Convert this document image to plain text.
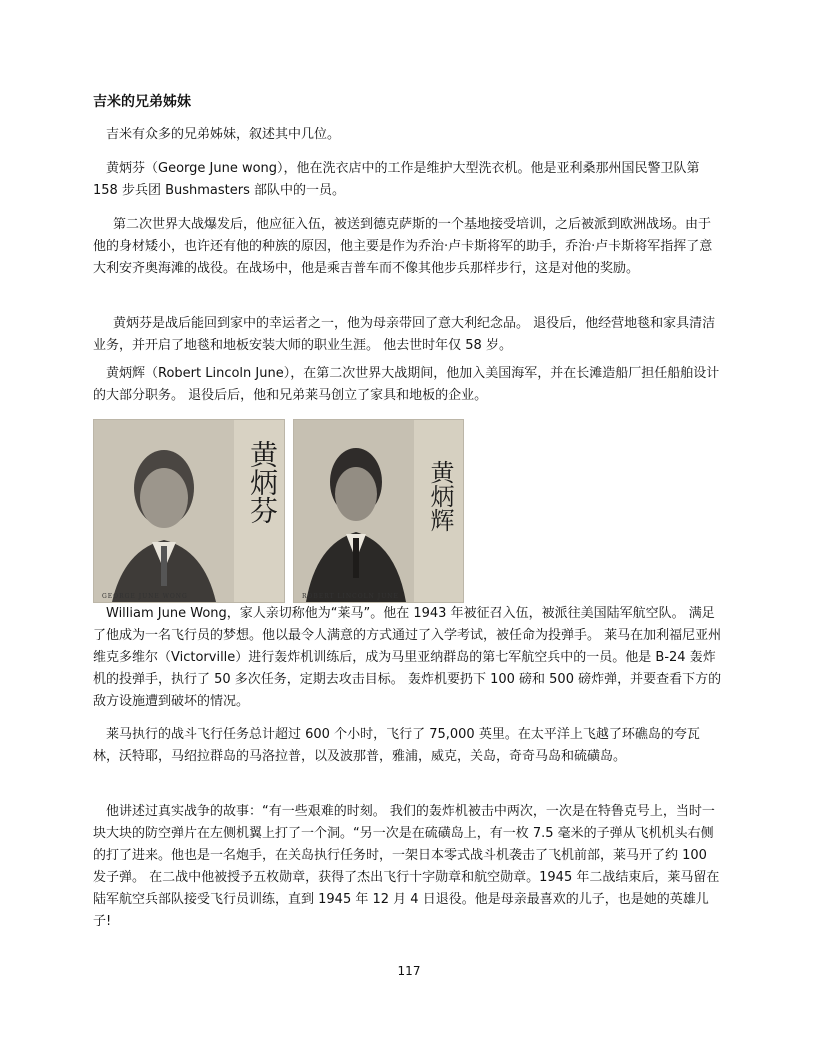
吉米的兄弟姊妹

吉米有众多的兄弟姊妹，叙述其中几位。

黄炳芬（George June wong），他在洗衣店中的工作是维护大型洗衣机。他是亚利桑那州国民警卫队第 158 步兵团 Bushmasters 部队中的一员。

第二次世界大战爆发后，他应征入伍，被送到德克萨斯的一个基地接受培训，之后被派到欧洲战场。由于他的身材矮小，也许还有他的种族的原因，他主要是作为乔治·卢卡斯将军的助手，乔治·卢卡斯将军指挥了意大利安齐奥海滩的战役。在战场中，他是乘吉普车而不像其他步兵那样步行，这是对他的奖励。

黄炳芬是战后能回到家中的幸运者之一，他为母亲带回了意大利纪念品。 退役后，他经营地毯和家具清洁业务，并开启了地毯和地板安装大师的职业生涯。 他去世时年仅 58 岁。

黄炳辉（Robert Lincoln June），在第二次世界大战期间，他加入美国海军，并在长滩造船厂担任船舶设计的大部分职务。 退役后后，他和兄弟莱马创立了家具和地板的企业。

黄炳芬
GEORGE JUNE WONG
黄炳辉
ROBERT LINCOLN JUNE

William June Wong，家人亲切称他为“莱马”。他在 1943 年被征召入伍，被派往美国陆军航空队。 满足了他成为一名飞行员的梦想。他以最令人满意的方式通过了入学考试，被任命为投弹手。 莱马在加利福尼亚州维克多维尔（Victorville）进行轰炸机训练后，成为马里亚纳群岛的第七军航空兵中的一员。他是 B-24 轰炸机的投弹手，执行了 50 多次任务，定期去攻击目标。 轰炸机要扔下 100 磅和 500 磅炸弹，并要查看下方的敌方设施遭到破坏的情况。

莱马执行的战斗飞行任务总计超过 600 个小时，飞行了 75,000 英里。在太平洋上飞越了环礁岛的夸瓦林，沃特耶，马绍拉群岛的马洛拉普，以及波那普，雅浦，威克，关岛，奇奇马岛和硫磺岛。

他讲述过真实战争的故事：“有一些艰难的时刻。 我们的轰炸机被击中两次，一次是在特鲁克号上，当时一块大块的防空弹片在左侧机翼上打了一个洞。“另一次是在硫磺岛上，有一枚 7.5 毫米的子弹从飞机机头右侧的打了进来。他也是一名炮手，在关岛执行任务时，一架日本零式战斗机袭击了飞机前部，莱马开了约 100 发子弹。 在二战中他被授予五枚勋章，获得了杰出飞行十字勋章和航空勋章。1945 年二战结束后，莱马留在陆军航空兵部队接受飞行员训练，直到 1945 年 12 月 4 日退役。他是母亲最喜欢的儿子，也是她的英雄儿子!

117
